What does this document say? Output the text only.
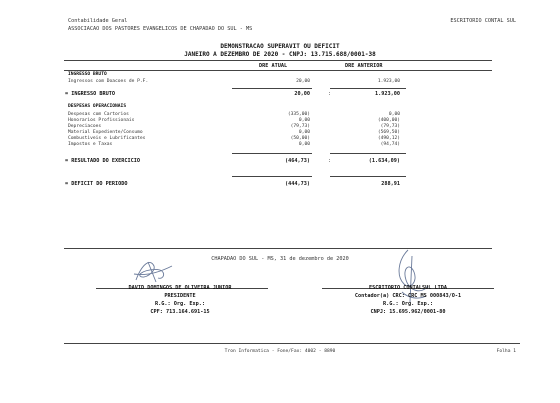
Contabilidade Geral
ASSOCIACAO DOS PASTORES EVANGELICOS DE CHAPADAO DO SUL - MS
ESCRITORIO CONTAL SUL
DEMONSTRACAO SUPERAVIT OU DEFICIT
JANEIRO A DEZEMBRO DE 2020 - CNPJ: 13.715.688/0001-38
DRE ATUAL	DRE ANTERIOR
INGRESSO BRUTO
Ingressos com Doacoes de P.F.	20,00	1.923,00
= INGRESSO BRUTO	20,00	:	1.923,00
DESPESAS OPERACIONAIS
Despesas com Cartorios	(335,00)	0,00
Honorarios Profissionais	0,00	(400,00)
Depreciacoes	(79,73)	(79,73)
Material Expediente/Consumo	0,00	(569,50)
Combustiveis e Lubrificantes	(50,00)	(490,12)
Impostos e Taxas	0,00	(94,74)
= RESULTADO DO EXERCICIO	(464,73)	:	(1.634,09)
= DEFICIT DO PERIODO	(444,73)	288,91
CHAPADAO DO SUL - MS, 31 de dezembro de 2020
DAVID DOMINGOS DE OLIVEIRA JUNIOR
PRESIDENTE
R.G.: Org. Exp.:
CPF: 713.164.691-15
ESCRITORIO CONTALSUL LTDA
Contador(a) CRC: CRC MS 000843/O-1
R.G.: Org. Exp.:
CNPJ: 15.695.962/0001-80
Tron Informatica - Fone/Fax: 4002 - 8890	Folha 1
